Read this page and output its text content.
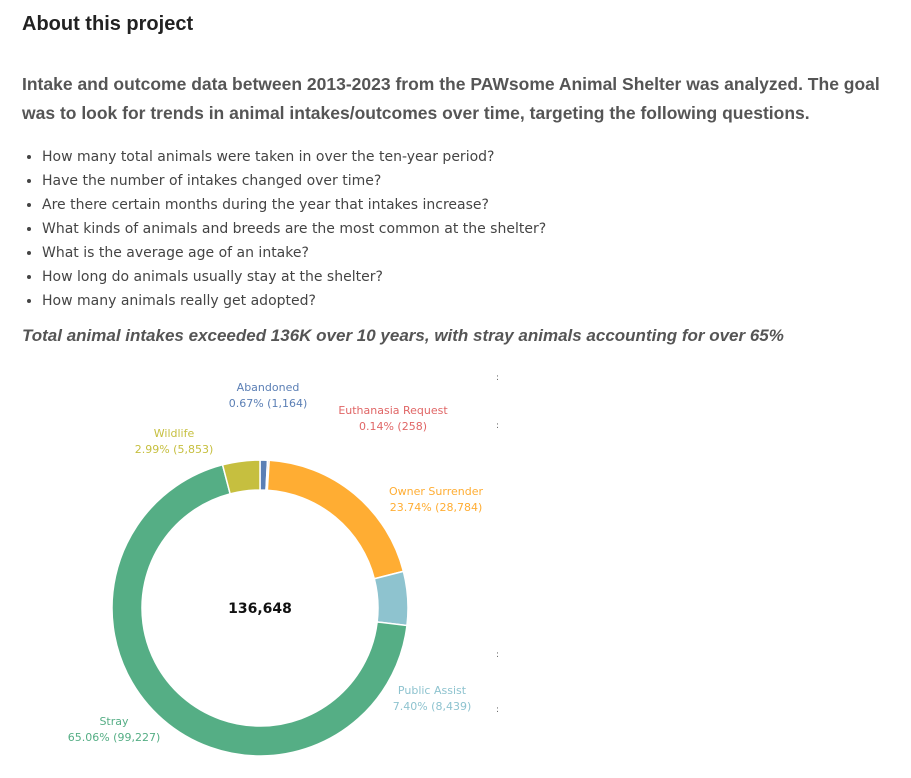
About this project

Intake and outcome data between 2013-2023 from the PAWsome Animal Shelter was analyzed. The goal was to look for trends in animal intakes/outcomes over time, targeting the following questions.

• How many total animals were taken in over the ten-year period?
• Have the number of intakes changed over time?
• Are there certain months during the year that intakes increase?
• What kinds of animals and breeds are the most common at the shelter?
• What is the average age of an intake?
• How long do animals usually stay at the shelter?
• How many animals really get adopted?

Total animal intakes exceeded 136K over 10 years, with stray animals accounting for over 65%

Abandoned
0.67% (1,164)
Euthanasia Request
0.14% (258)
Owner Surrender
23.74% (28,784)
Public Assist
7.40% (8,439)
Stray
65.06% (99,227)
Wildlife
2.99% (5,853)
136,648
:
:
:
:
